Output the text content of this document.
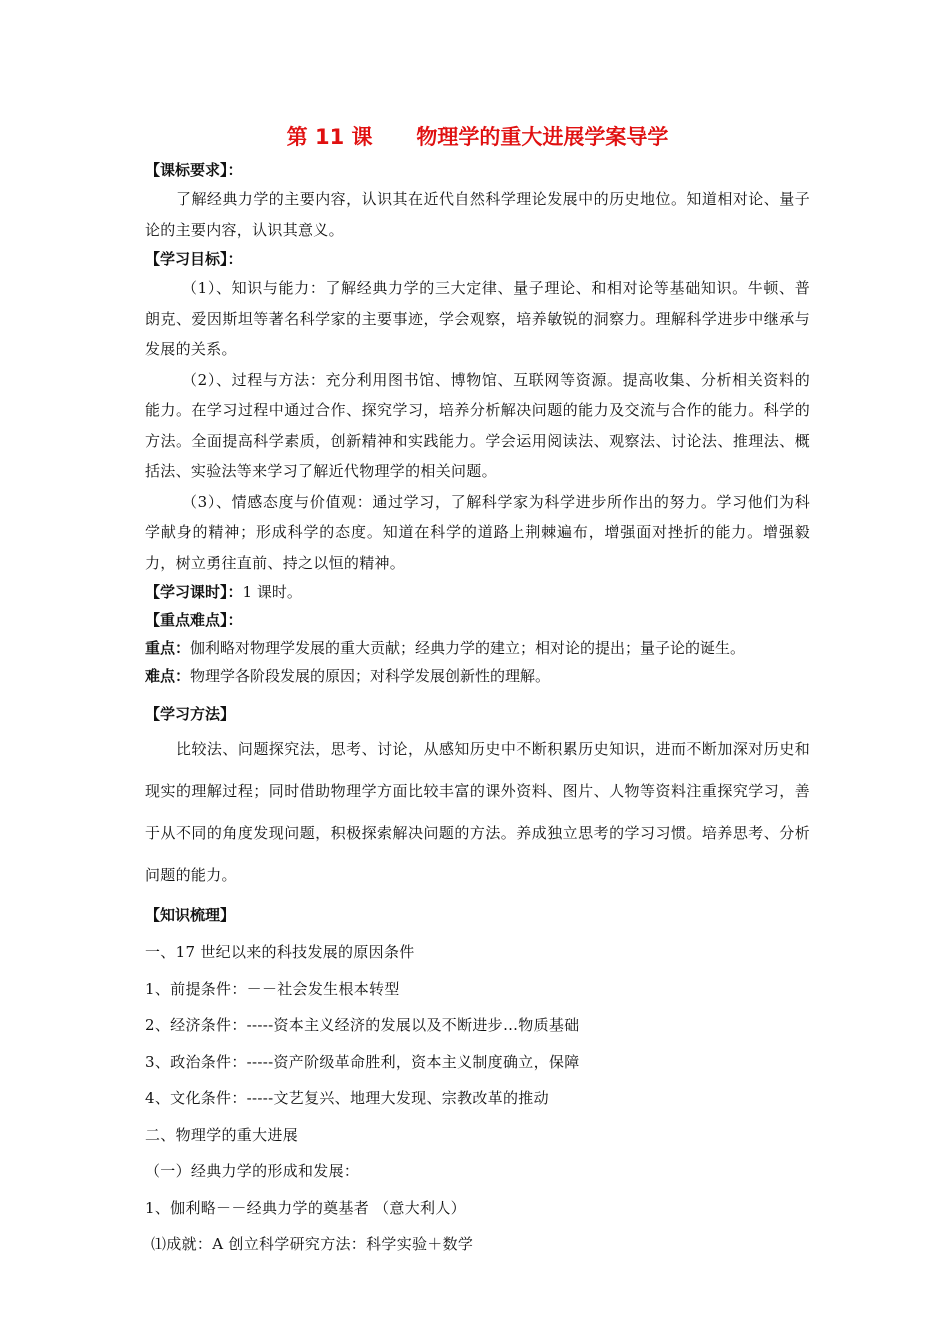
第 11 课      物理学的重大进展学案导学
【课标要求】：

了解经典力学的主要内容，认识其在近代自然科学理论发展中的历史地位。知道相对论、量子论的主要内容，认识其意义。

【学习目标】：

（1）、知识与能力：了解经典力学的三大定律、量子理论、和相对论等基础知识。牛顿、普朗克、爱因斯坦等著名科学家的主要事迹，学会观察，培养敏锐的洞察力。理解科学进步中继承与发展的关系。

（2）、过程与方法：充分利用图书馆、博物馆、互联网等资源。提高收集、分析相关资料的能力。在学习过程中通过合作、探究学习，培养分析解决问题的能力及交流与合作的能力。科学的方法。全面提高科学素质，创新精神和实践能力。学会运用阅读法、观察法、讨论法、推理法、概括法、实验法等来学习了解近代物理学的相关问题。

（3）、情感态度与价值观：通过学习，了解科学家为科学进步所作出的努力。学习他们为科学献身的精神；形成科学的态度。知道在科学的道路上荆棘遍布，增强面对挫折的能力。增强毅力，树立勇往直前、持之以恒的精神。

【学习课时】：1 课时。
【重点难点】：
重点：伽利略对物理学发展的重大贡献；经典力学的建立；相对论的提出；量子论的诞生。
难点：物理学各阶段发展的原因；对科学发展创新性的理解。
【学习方法】

比较法、问题探究法，思考、讨论，从感知历史中不断积累历史知识，进而不断加深对历史和现实的理解过程；同时借助物理学方面比较丰富的课外资料、图片、人物等资料注重探究学习，善于从不同的角度发现问题，积极探索解决问题的方法。养成独立思考的学习习惯。培养思考、分析问题的能力。

【知识梳理】

一、17 世纪以来的科技发展的原因条件

1、前提条件：－－社会发生根本转型

2、经济条件：-----资本主义经济的发展以及不断进步…物质基础

3、政治条件：-----资产阶级革命胜利，资本主义制度确立，保障

4、文化条件：-----文艺复兴、地理大发现、宗教改革的推动

二、物理学的重大进展

（一）经典力学的形成和发展：

1、伽利略－－经典力学的奠基者 （意大利人）

⑴成就：A 创立科学研究方法：科学实验＋数学
